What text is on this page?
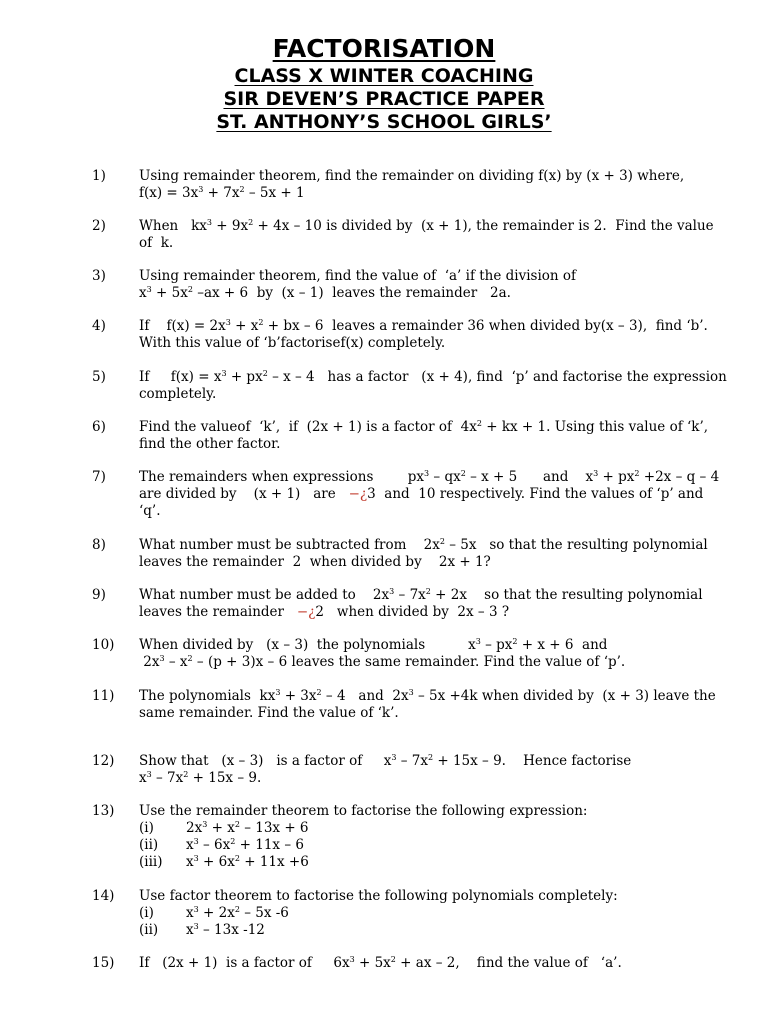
FACTORISATION
CLASS X WINTER COACHING
SIR DEVEN’S PRACTICE PAPER
ST. ANTHONY’S SCHOOL GIRLS’
1) Using remainder theorem, find the remainder on dividing f(x) by (x + 3) where,
$f(x) = 3x^3 + 7x^2 - 5x + 1$
2) When   $kx^3 + 9x^2 + 4x - 10$ is divided by  (x + 1), the remainder is 2.  Find the value
of  k.
3) Using remainder theorem, find the value of  ‘a’ if the division of
$x^3 + 5x^2$ –ax + 6  by  (x – 1)  leaves the remainder   2a.
4) If    $f(x) = 2x^3 + x^2$ + bx – 6  leaves a remainder 36 when divided by(x – 3),  find ‘b’.
With this value of ‘b’factorisef(x) completely.
5) If     $f(x) = x^3 + px^2 - x - 4$   has a factor   (x + 4), find  ‘p’ and factorise the expression
completely.
6) Find the valueof  ‘k’,  if  (2x + 1) is a factor of  $4x^2$ + kx + 1. Using this value of ‘k’,
find the other factor.
7) The remainders when expressions        $px^3 - qx^2 - x + 5$      and    $x^3 + px^2 +2x - q - 4$
are divided by    (x + 1)   are   −¿3  and  10 respectively. Find the values of ‘p’ and
‘q’.
8) What number must be subtracted from    $2x^2 - 5x$   so that the resulting polynomial
leaves the remainder  2  when divided by    2x + 1?
9) What number must be added to    $2x^3 - 7x^2 + 2x$    so that the resulting polynomial
leaves the remainder   −¿2   when divided by  2x – 3 ?
10) When divided by   (x – 3)  the polynomials          $x^3 - px^2 + x + 6$  and
$2x^3 - x^2 - (p + 3)x - 6$ leaves the same remainder. Find the value of ‘p’.
11) The polynomials  $kx^3 + 3x^2 - 4$   and  $2x^3 - 5x +4k$ when divided by  (x + 3) leave the
same remainder. Find the value of ‘k’.
12) Show that   (x – 3)   is a factor of     $x^3 - 7x^2 + 15x - 9$.    Hence factorise
$x^3 - 7x^2 + 15x - 9$.
13) Use the remainder theorem to factorise the following expression:
(i) $2x^3 + x^2 - 13x + 6$
(ii) $x^3 - 6x^2 + 11x - 6$
(iii) $x^3 + 6x^2 + 11x +6$
14) Use factor theorem to factorise the following polynomials completely:
(i) $x^3 + 2x^2 - 5x$ -6
(ii) $x^3 - 13x$ -12
15) If   (2x + 1)  is a factor of     $6x^3 + 5x^2$ + ax – 2,    find the value of   ‘a’.
